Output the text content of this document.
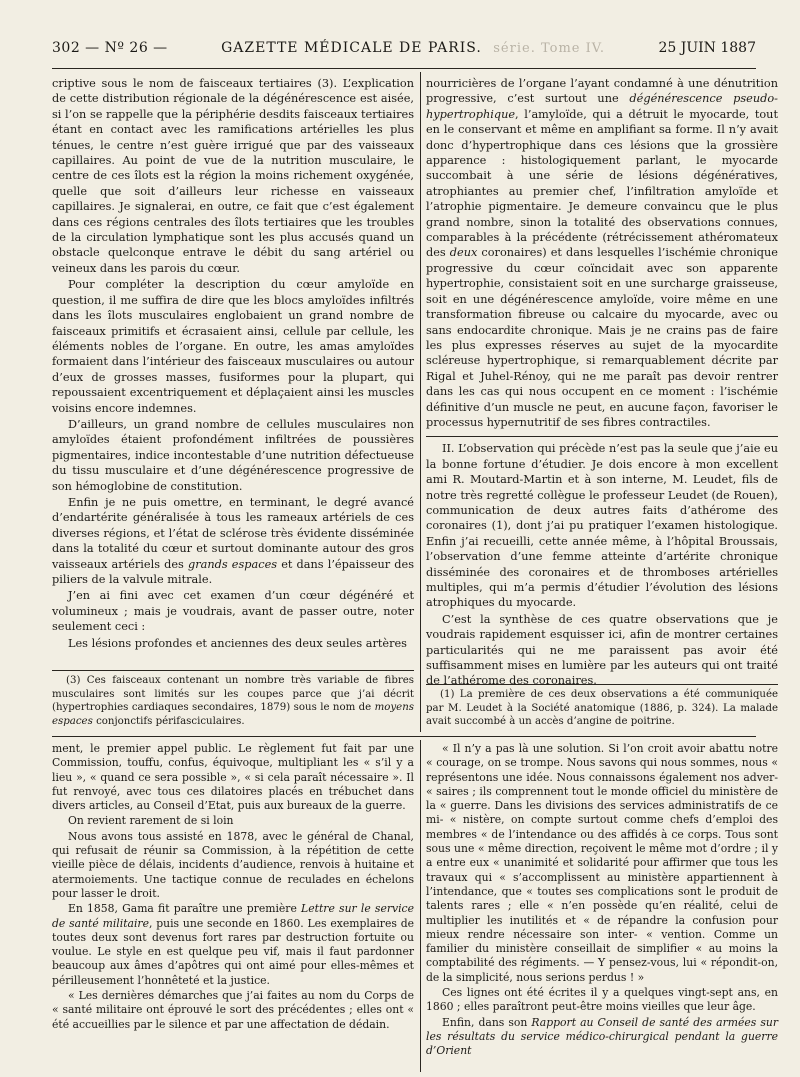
302 — Nº 26 —	GAZETTE MÉDICALE DE PARIS. série. Tome IV.	25 JUIN 1887

criptive sous le nom de faisceaux tertiaires (3). L’explication de cette distribution régionale de la dégénérescence est aisée, si l’on se rappelle que la périphérie desdits faisceaux tertiaires étant en contact avec les ramifications artérielles les plus ténues, le centre n’est guère irrigué que par des vaisseaux capillaires. Au point de vue de la nutrition musculaire, le centre de ces îlots est la région la moins richement oxygénée, quelle que soit d’ailleurs leur richesse en vaisseaux capillaires. Je signalerai, en outre, ce fait que c’est également dans ces régions centrales des îlots tertiaires que les troubles de la circulation lymphatique sont les plus accusés quand un obstacle quelconque entrave le débit du sang artériel ou veineux dans les parois du cœur.

Pour compléter la description du cœur amyloïde en question, il me suffira de dire que les blocs amyloïdes infiltrés dans les îlots musculaires englobaient un grand nombre de faisceaux primitifs et écrasaient ainsi, cellule par cellule, les éléments nobles de l’organe. En outre, les amas amyloïdes formaient dans l’intérieur des faisceaux musculaires ou autour d’eux de grosses masses, fusiformes pour la plupart, qui repoussaient excentriquement et déplaçaient ainsi les muscles voisins encore indemnes.

D’ailleurs, un grand nombre de cellules musculaires non amyloïdes étaient profondément infiltrées de poussières pigmentaires, indice incontestable d’une nutrition défectueuse du tissu musculaire et d’une dégénérescence progressive de son hémoglobine de constitution.

Enfin je ne puis omettre, en terminant, le degré avancé d’endartérite généralisée à tous les rameaux artériels de ces diverses régions, et l’état de sclérose très évidente disséminée dans la totalité du cœur et surtout dominante autour des gros vaisseaux artériels des grands espaces et dans l’épaisseur des piliers de la valvule mitrale.

J’en ai fini avec cet examen d’un cœur dégénéré et volumineux ; mais je voudrais, avant de passer outre, noter seulement ceci :

Les lésions profondes et anciennes des deux seules artères

nourricières de l’organe l’ayant condamné à une dénutrition progressive, c’est surtout une dégénérescence pseudo-hypertrophique, l’amyloïde, qui a détruit le myocarde, tout en le conservant et même en amplifiant sa forme. Il n’y avait donc d’hypertrophique dans ces lésions que la grossière apparence : histologiquement parlant, le myocarde succombait à une série de lésions dégénératives, atrophiantes au premier chef, l’infiltration amyloïde et l’atrophie pigmentaire. Je demeure convaincu que le plus grand nombre, sinon la totalité des observations connues, comparables à la précédente (rétrécissement athéromateux des deux coronaires) et dans lesquelles l’ischémie chronique progressive du cœur coïncidait avec son apparente hypertrophie, consistaient soit en une surcharge graisseuse, soit en une dégénérescence amyloïde, voire même en une transformation fibreuse ou calcaire du myocarde, avec ou sans endocardite chronique. Mais je ne crains pas de faire les plus expresses réserves au sujet de la myocardite scléreuse hypertrophique, si remarquablement décrite par Rigal et Juhel-Rénoy, qui ne me paraît pas devoir rentrer dans les cas qui nous occupent en ce moment : l’ischémie définitive d’un muscle ne peut, en aucune façon, favoriser le processus hypernutritif de ses fibres contractiles.

II. L’observation qui précède n’est pas la seule que j’aie eu la bonne fortune d’étudier. Je dois encore à mon excellent ami R. Moutard-Martin et à son interne, M. Leudet, fils de notre très regretté collègue le professeur Leudet (de Rouen), communication de deux autres faits d’athérome des coronaires (1), dont j’ai pu pratiquer l’examen histologique. Enfin j’ai recueilli, cette année même, à l’hôpital Broussais, l’observation d’une femme atteinte d’artérite chronique disséminée des coronaires et de thromboses artérielles multiples, qui m’a permis d’étudier l’évolution des lésions atrophiques du myocarde.

C’est la synthèse de ces quatre observations que je voudrais rapidement esquisser ici, afin de montrer certaines particularités qui ne me paraissent pas avoir été suffisamment mises en lumière par les auteurs qui ont traité de l’athérome des coronaires.

(3) Ces faisceaux contenant un nombre très variable de fibres musculaires sont limités sur les coupes parce que j’ai décrit (hypertrophies cardiaques secondaires, 1879) sous le nom de moyens espaces conjonctifs périfasciculaires.

(1) La première de ces deux observations a été communiquée par M. Leudet à la Société anatomique (1886, p. 324). La malade avait succombé à un accès d’angine de poitrine.

ment, le premier appel public. Le règlement fut fait par une Commission, touffu, confus, équivoque, multipliant les « s’il y a lieu », « quand ce sera possible », « si cela paraît nécessaire ». Il fut renvoyé, avec tous ces dilatoires placés en trébuchet dans divers articles, au Conseil d’Etat, puis aux bureaux de la guerre.

On revient rarement de si loin

Nous avons tous assisté en 1878, avec le général de Chanal, qui refusait de réunir sa Commission, à la répétition de cette vieille pièce de délais, incidents d’audience, renvois à huitaine et atermoiements. Une tactique connue de reculades en échelons pour lasser le droit.

En 1858, Gama fit paraître une première Lettre sur le service de santé militaire, puis une seconde en 1860. Les exemplaires de toutes deux sont devenus fort rares par destruction fortuite ou voulue. Le style en est quelque peu vif, mais il faut pardonner beaucoup aux âmes d’apôtres qui ont aimé pour elles-mêmes et périlleusement l’honnêteté et la justice.

« Les dernières démarches que j’ai faites au nom du Corps de « santé militaire ont éprouvé le sort des précédentes ; elles ont « été accueillies par le silence et par une affectation de dédain.

« Il n’y a pas là une solution. Si l’on croit avoir abattu notre « courage, on se trompe. Nous savons qui nous sommes, nous « représentons une idée. Nous connaissons également nos adver- « saires ; ils comprennent tout le monde officiel du ministère de la « guerre. Dans les divisions des services administratifs de ce mi- « nistère, on compte surtout comme chefs d’emploi des membres « de l’intendance ou des affidés à ce corps. Tous sont sous une « même direction, reçoivent le même mot d’ordre ; il y a entre eux « unanimité et solidarité pour affirmer que tous les travaux qui « s’accomplissent au ministère appartiennent à l’intendance, que « toutes ses complications sont le produit de talents rares ; elle « n’en possède qu’en réalité, celui de multiplier les inutilités et « de répandre la confusion pour mieux rendre nécessaire son inter- « vention. Comme un familier du ministère conseillait de simplifier « au moins la comptabilité des régiments. — Y pensez-vous, lui « répondit-on, de la simplicité, nous serions perdus ! »

Ces lignes ont été écrites il y a quelques vingt-sept ans, en 1860 ; elles paraîtront peut-être moins vieilles que leur âge.

Enfin, dans son Rapport au Conseil de santé des armées sur les résultats du service médico-chirurgical pendant la guerre d’Orient
